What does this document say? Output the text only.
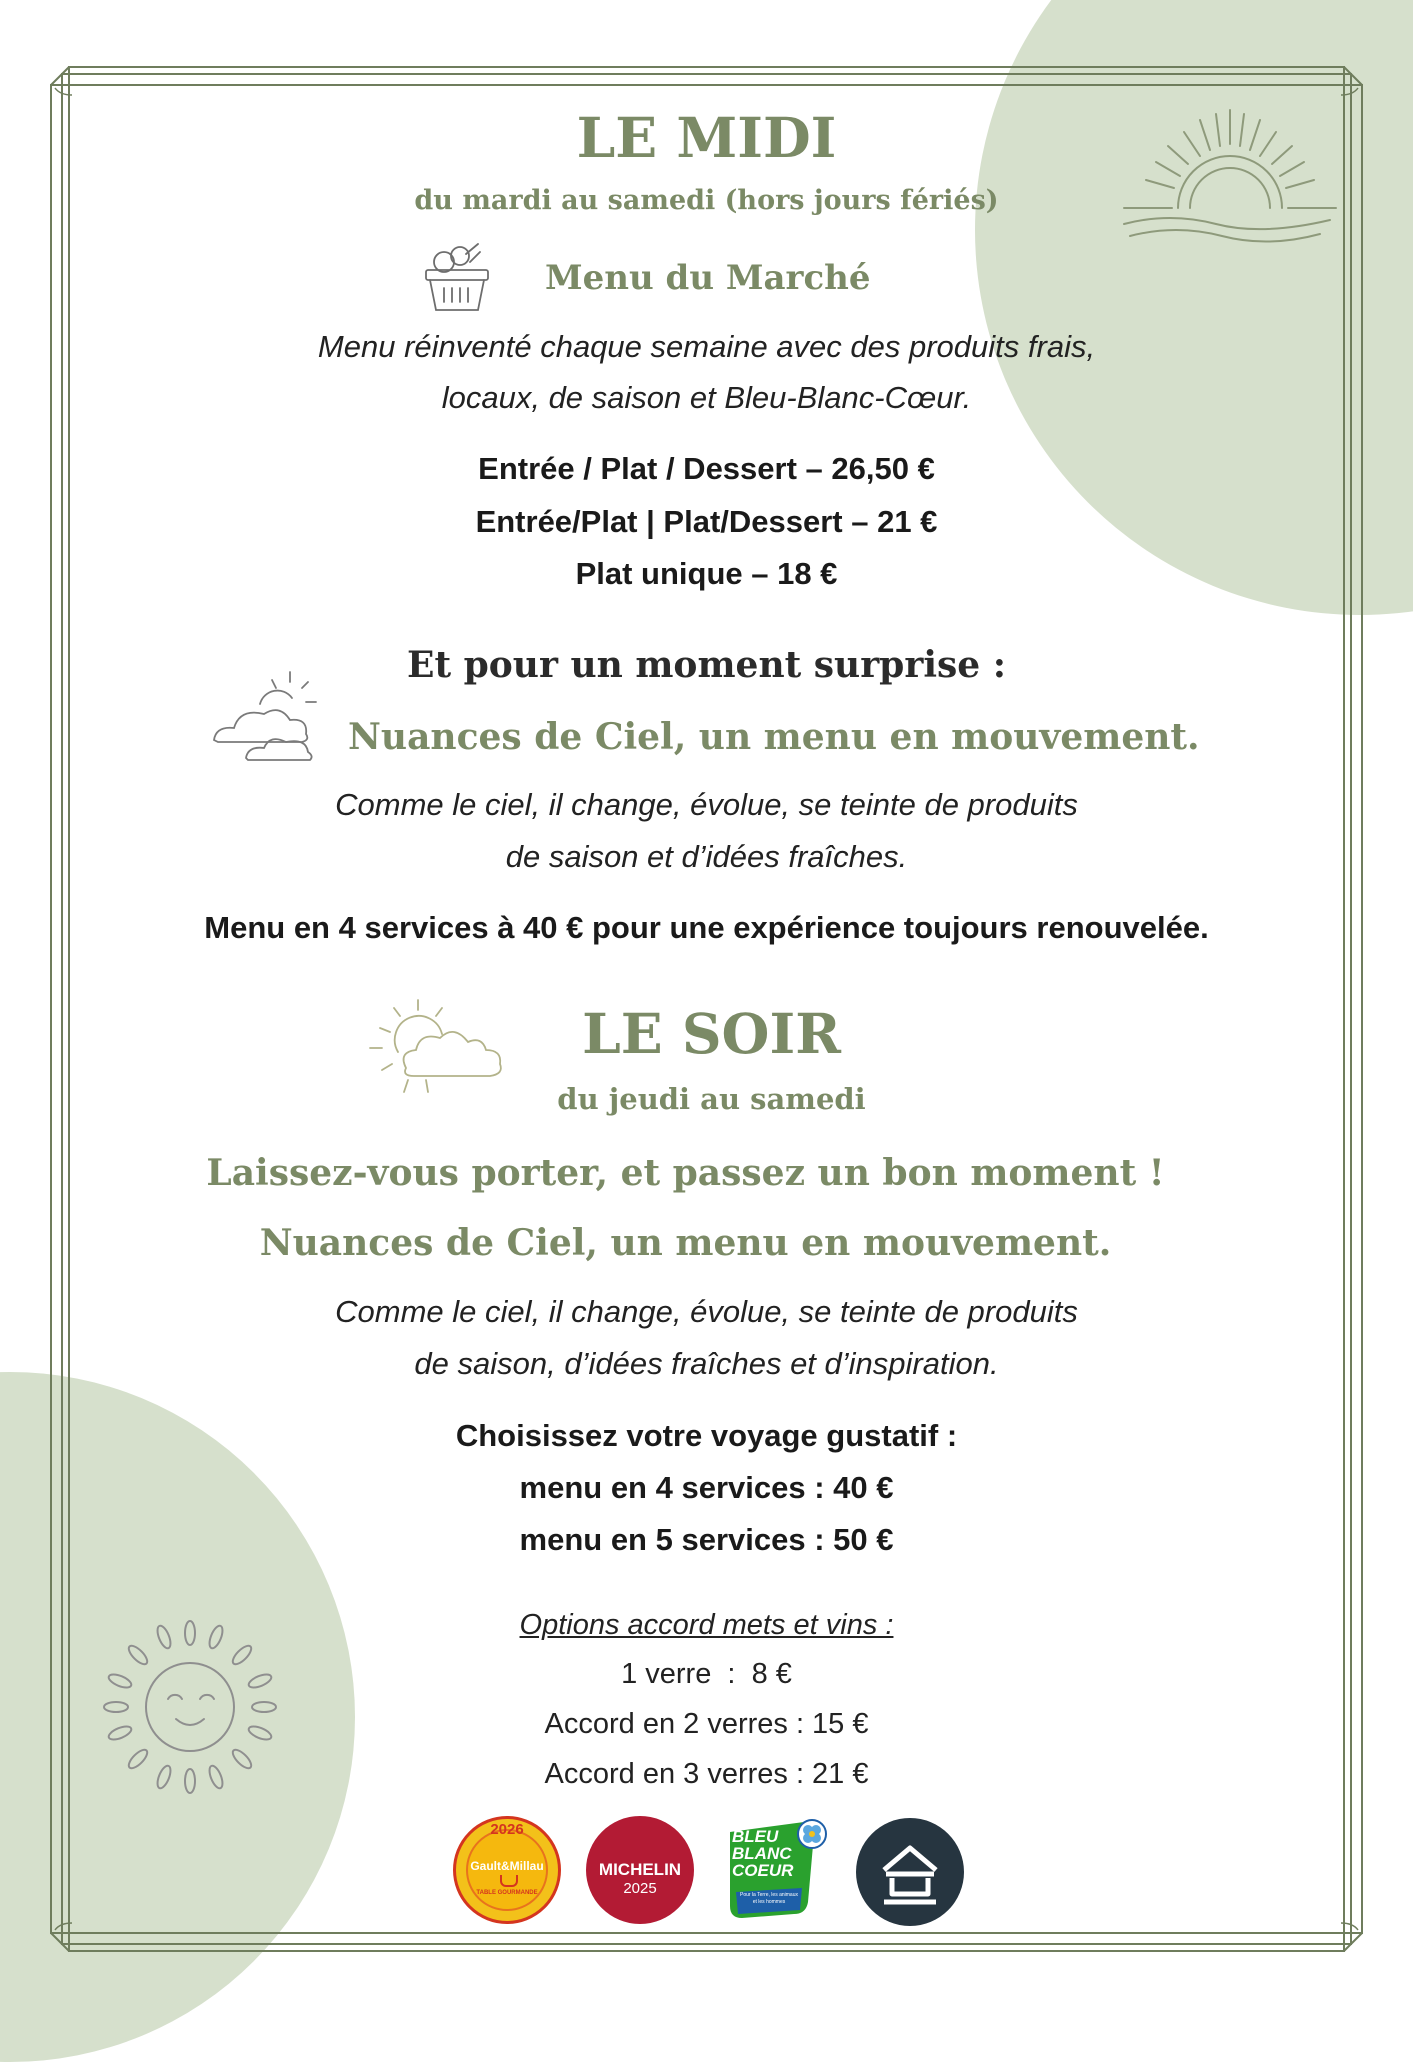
LE MIDI
du mardi au samedi (hors jours fériés)
Menu du Marché
Menu réinventé chaque semaine avec des produits frais,
locaux, de saison et Bleu-Blanc-Cœur.
Entrée / Plat / Dessert – 26,50 €
Entrée/Plat | Plat/Dessert – 21 €
Plat unique – 18 €
Et pour un moment surprise :
Nuances de Ciel, un menu en mouvement.
Comme le ciel, il change, évolue, se teinte de produits
de saison et d’idées fraîches.
Menu en 4 services à 40 € pour une expérience toujours renouvelée.
LE SOIR
du jeudi au samedi
Laissez-vous porter, et passez un bon moment !
Nuances de Ciel, un menu en mouvement.
Comme le ciel, il change, évolue, se teinte de produits
de saison, d’idées fraîches et d’inspiration.
Choisissez votre voyage gustatif :
menu en 4 services : 40 €
menu en 5 services : 50 €
Options accord mets et vins :
1 verre  :  8 €
Accord en 2 verres : 15 €
Accord en 3 verres : 21 €
2026
Gault&Millau
TABLE GOURMANDE
MICHELIN
2025
BLEU
BLANC
COEUR
Pour la Terre, les animaux
et les hommes
